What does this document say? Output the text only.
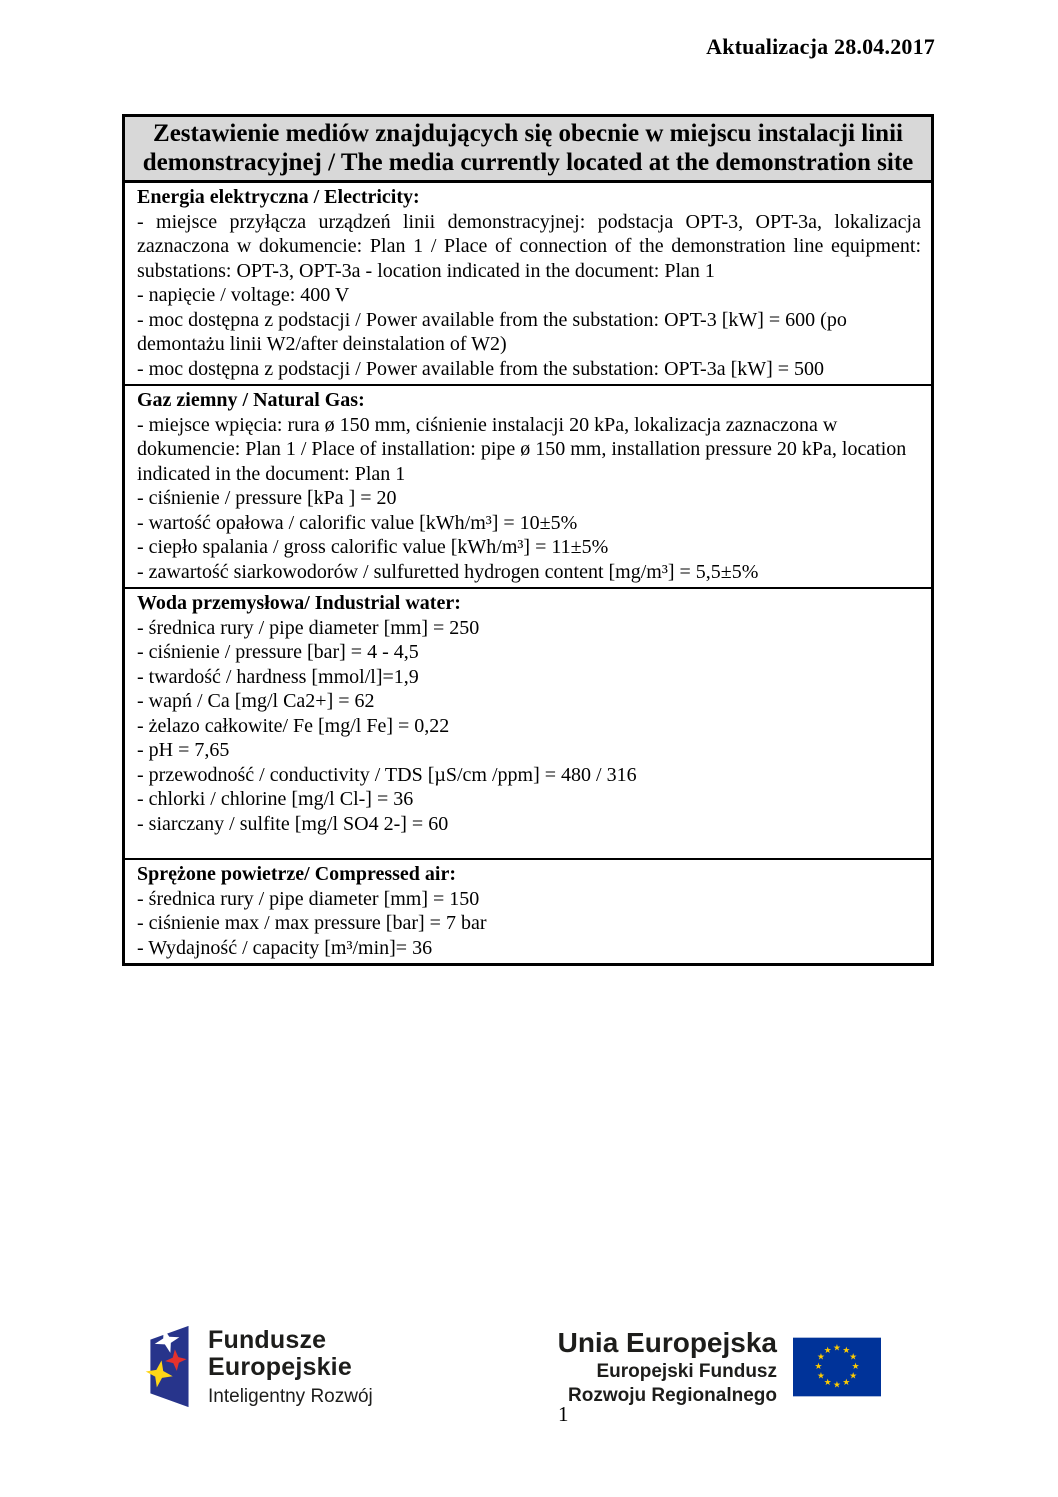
Aktualizacja 28.04.2017
Zestawienie mediów znajdujących się obecnie w miejscu instalacji linii demonstracyjnej / The media currently located at the demonstration site
Energia elektryczna / Electricity:

- miejsce przyłącza urządzeń linii demonstracyjnej: podstacja OPT-3, OPT-3a, lokalizacja zaznaczona w dokumencie: Plan 1 / Place of connection of the demonstration line equipment: substations: OPT-3, OPT-3a - location indicated in the document: Plan 1

- napięcie / voltage: 400 V

- moc dostępna z podstacji / Power available from the substation: OPT-3 [kW] = 600 (po demontażu linii W2/after deinstalation of W2)

- moc dostępna z podstacji / Power available from the substation: OPT-3a [kW] = 500

Gaz ziemny / Natural Gas:

- miejsce wpięcia: rura ø 150 mm, ciśnienie instalacji 20 kPa, lokalizacja zaznaczona w dokumencie: Plan 1 / Place of installation: pipe ø 150 mm, installation pressure 20 kPa, location indicated in the document: Plan 1

- ciśnienie / pressure [kPa ] = 20

- wartość opałowa / calorific value [kWh/m³] = 10±5%

- ciepło spalania / gross calorific value [kWh/m³] = 11±5%

- zawartość siarkowodorów / sulfuretted hydrogen content [mg/m³] = 5,5±5%

Woda przemysłowa/ Industrial water:

- średnica rury / pipe diameter [mm] = 250

- ciśnienie / pressure [bar] = 4 - 4,5

- twardość / hardness [mmol/l]=1,9

- wapń / Ca [mg/l Ca2+] = 62

- żelazo całkowite/ Fe [mg/l Fe] = 0,22

- pH = 7,65

- przewodność / conductivity / TDS [µS/cm /ppm] = 480 / 316

- chlorki / chlorine [mg/l Cl-] = 36

- siarczany / sulfite [mg/l SO4 2-] = 60

Sprężone powietrze/ Compressed air:

- średnica rury / pipe diameter [mm] = 150

- ciśnienie max / max pressure [bar] = 7 bar

- Wydajność / capacity [m³/min]= 36

Fundusze
Europejskie
Inteligentny Rozwój
Unia Europejska
Europejski Fundusz
Rozwoju Regionalnego
★ ★
★
★
★
★
★
★
★
★
★
★
1
